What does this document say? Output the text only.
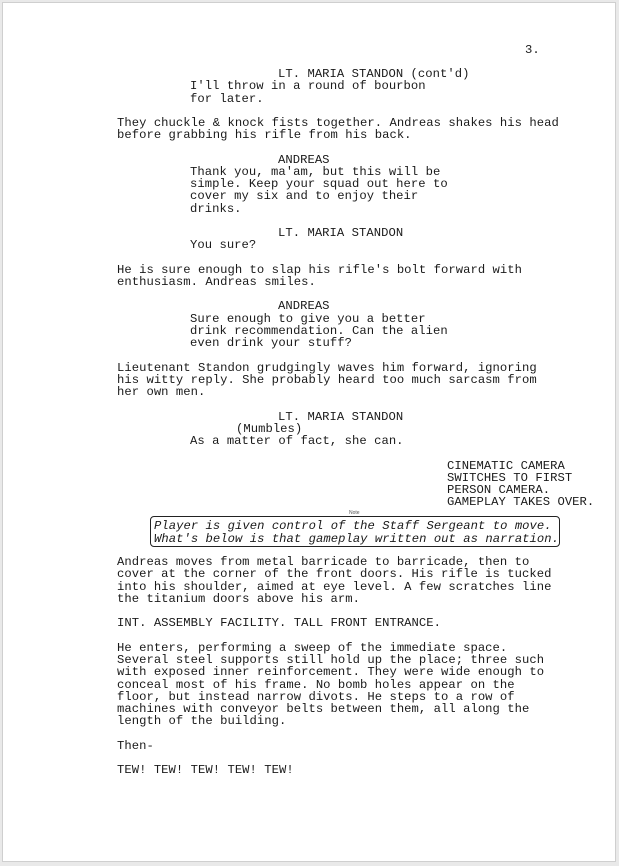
3.
LT. MARIA STANDON (cont'd)
I'll throw in a round of bourbon
for later.
They chuckle & knock fists together. Andreas shakes his head
before grabbing his rifle from his back.
ANDREAS
Thank you, ma'am, but this will be
simple. Keep your squad out here to
cover my six and to enjoy their
drinks.
LT. MARIA STANDON
You sure?
He is sure enough to slap his rifle's bolt forward with
enthusiasm. Andreas smiles.
ANDREAS
Sure enough to give you a better
drink recommendation. Can the alien
even drink your stuff?
Lieutenant Standon grudgingly waves him forward, ignoring
his witty reply. She probably heard too much sarcasm from
her own men.
LT. MARIA STANDON
(Mumbles)
As a matter of fact, she can.
CINEMATIC CAMERA
SWITCHES TO FIRST
PERSON CAMERA.
GAMEPLAY TAKES OVER.
Note
Player is given control of the Staff Sergeant to move.
What's below is that gameplay written out as narration.
Andreas moves from metal barricade to barricade, then to
cover at the corner of the front doors. His rifle is tucked
into his shoulder, aimed at eye level. A few scratches line
the titanium doors above his arm.
INT. ASSEMBLY FACILITY. TALL FRONT ENTRANCE.
He enters, performing a sweep of the immediate space.
Several steel supports still hold up the place; three such
with exposed inner reinforcement. They were wide enough to
conceal most of his frame. No bomb holes appear on the
floor, but instead narrow divots. He steps to a row of
machines with conveyor belts between them, all along the
length of the building.
Then-
TEW! TEW! TEW! TEW! TEW!
